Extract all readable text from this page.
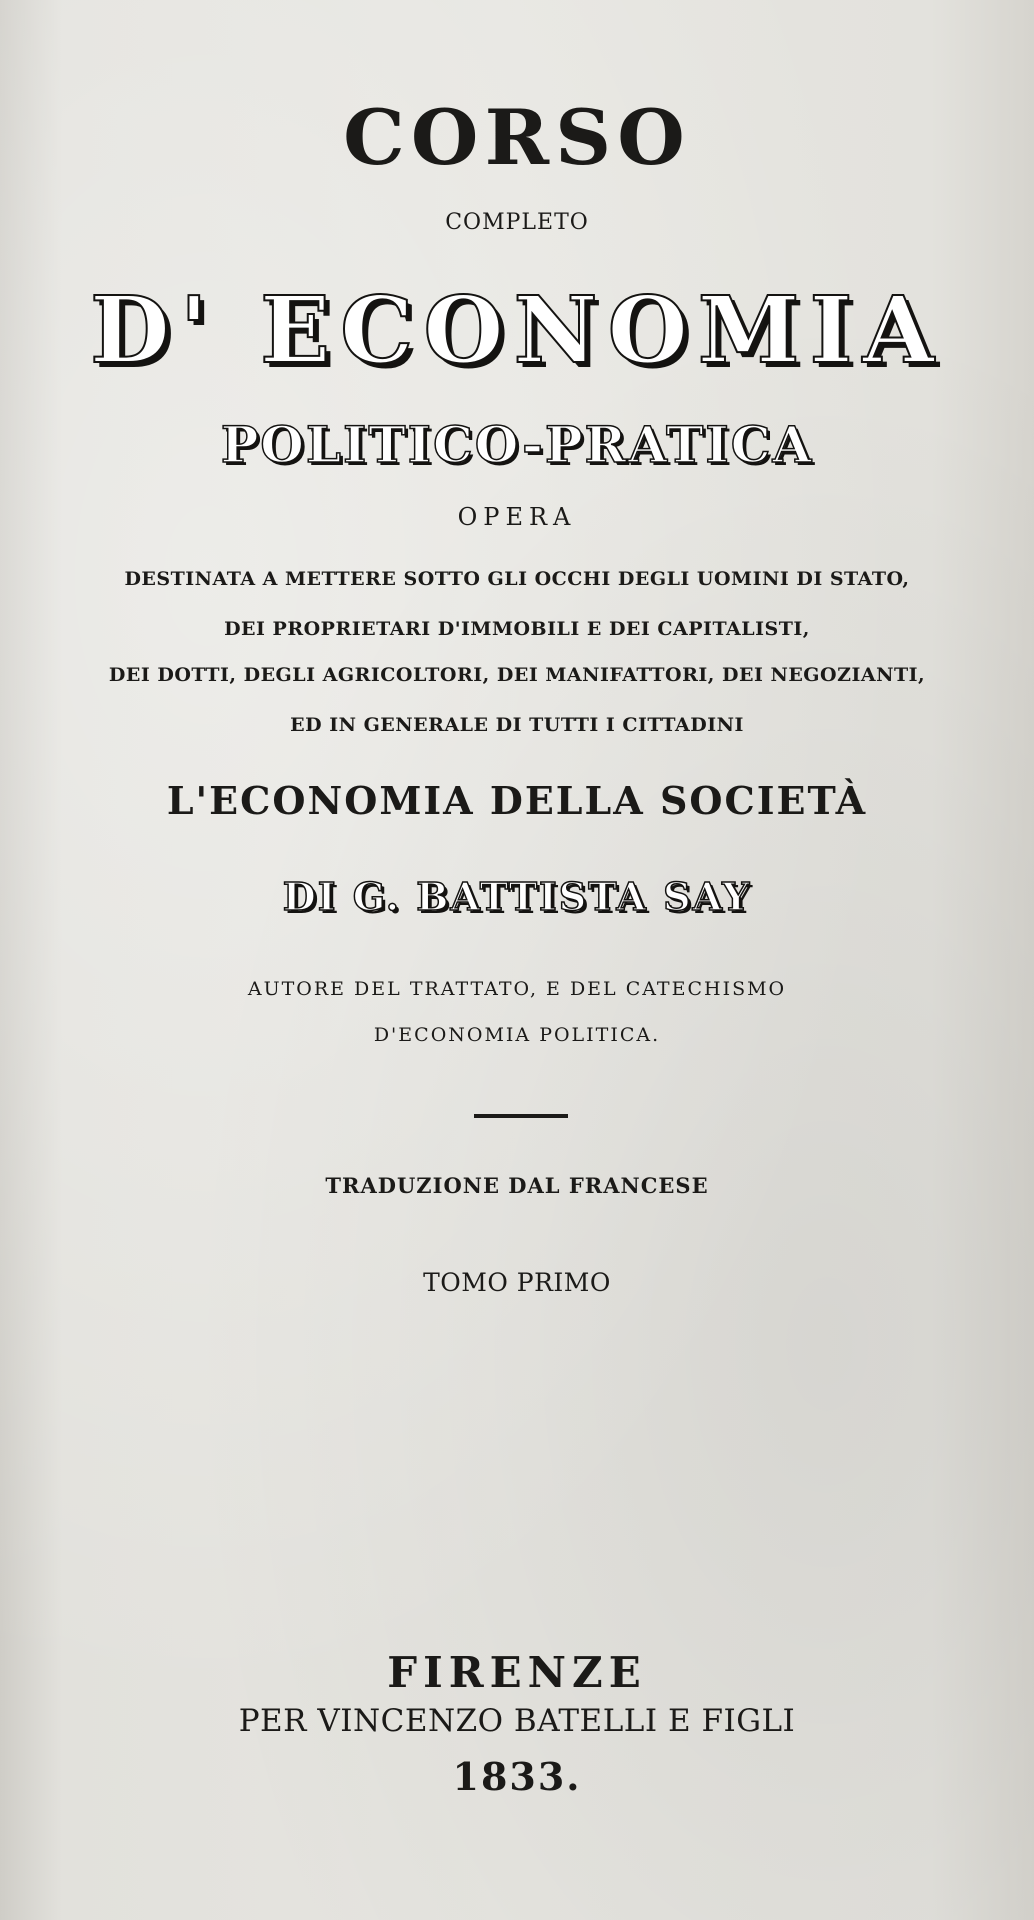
CORSO
COMPLETO
D' ECONOMIA
POLITICO-PRATICA
OPERA
DESTINATA A METTERE SOTTO GLI OCCHI DEGLI UOMINI DI STATO,
DEI PROPRIETARI D'IMMOBILI E DEI CAPITALISTI,
DEI DOTTI, DEGLI AGRICOLTORI, DEI MANIFATTORI, DEI NEGOZIANTI,
ED IN GENERALE DI TUTTI I CITTADINI
L'ECONOMIA DELLA SOCIETÀ
DI G. BATTISTA SAY
AUTORE DEL TRATTATO, E DEL CATECHISMO
D'ECONOMIA POLITICA.
TRADUZIONE DAL FRANCESE
TOMO PRIMO
FIRENZE
PER VINCENZO BATELLI E FIGLI
1833.
